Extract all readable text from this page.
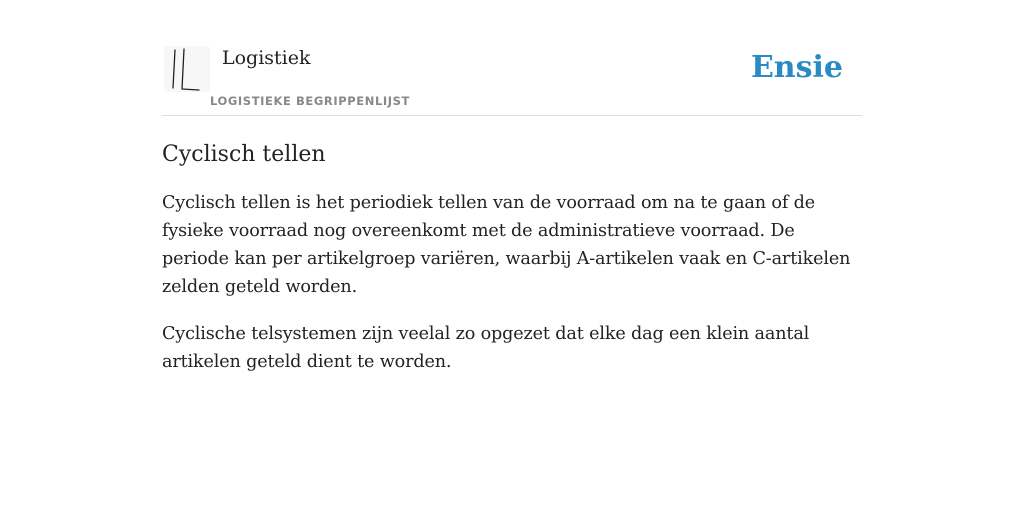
Logistiek
LOGISTIEKE BEGRIPPENLIJST
Ensie
Cyclisch tellen

Cyclisch tellen is het periodiek tellen van de voorraad om na te gaan of de fysieke voorraad nog overeenkomt met de administratieve voorraad. De periode kan per artikelgroep variëren, waarbij A-artikelen vaak en C-artikelen zelden geteld worden.

Cyclische telsystemen zijn veelal zo opgezet dat elke dag een klein aantal artikelen geteld dient te worden.
